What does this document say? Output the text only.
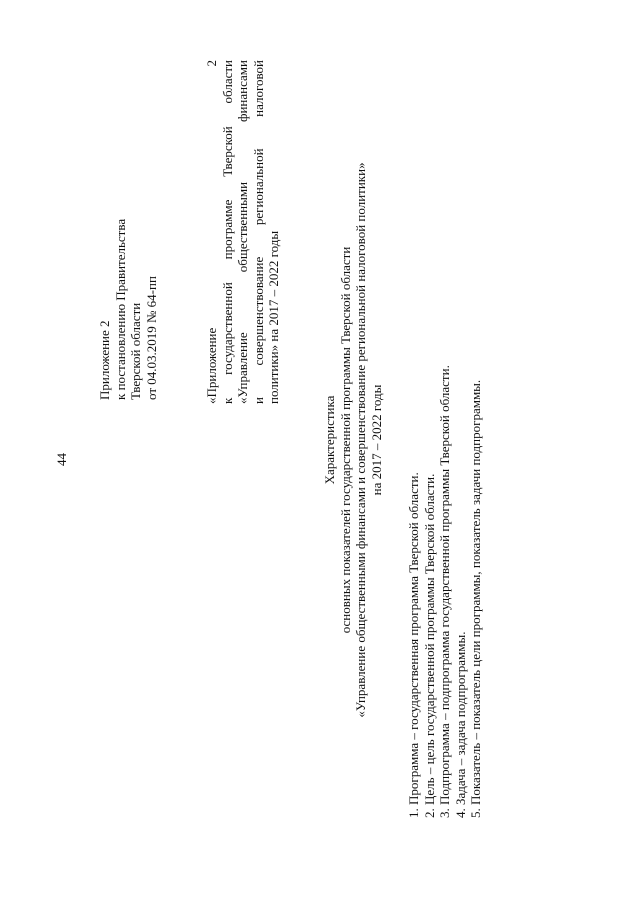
44
Приложение 2 к постановлению Правительства Тверской области от 04.03.2019 № 64-пп	«Приложение 2 к государственной программе Тверской области «Управление общественными финансами и совершенствование региональной налоговой политики» на 2017 – 2022 годы
Характеристика основных показателей государственной программы Тверской области «Управление общественными финансами и совершенствование региональной налоговой политики» на 2017 – 2022 годы
1. Программа – государственная программа Тверской области. 2. Цель – цель государственной программы Тверской области. 3. Подпрограмма – подпрограмма государственной программы Тверской области. 4. Задача – задача подпрограммы. 5. Показатель – показатель цели программы, показатель задачи подпрограммы.
